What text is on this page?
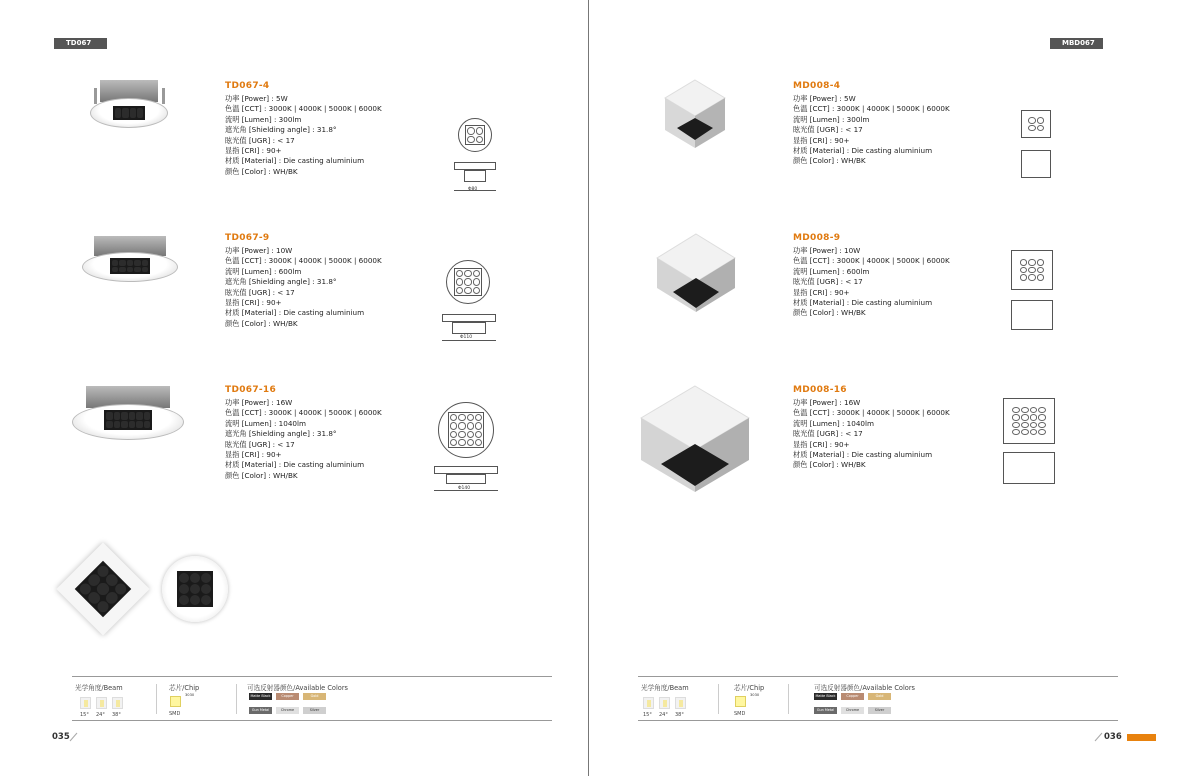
TD067
TD067-4
功率 [Power] : 5W
色温 [CCT] : 3000K | 4000K | 5000K | 6000K
流明 [Lumen] : 300lm
遮光角 [Shielding angle] : 31.8°
眩光值 [UGR] : < 17
显指 [CRI] : 90+
材质 [Material] : Die casting aluminium
颜色 [Color] : WH/BK
TD067-9
功率 [Power] : 10W
色温 [CCT] : 3000K | 4000K | 5000K | 6000K
流明 [Lumen] : 600lm
遮光角 [Shielding angle] : 31.8°
眩光值 [UGR] : < 17
显指 [CRI] : 90+
材质 [Material] : Die casting aluminium
颜色 [Color] : WH/BK
TD067-16
功率 [Power] : 16W
色温 [CCT] : 3000K | 4000K | 5000K | 6000K
流明 [Lumen] : 1040lm
遮光角 [Shielding angle] : 31.8°
眩光值 [UGR] : < 17
显指 [CRI] : 90+
材质 [Material] : Die casting aluminium
颜色 [Color] : WH/BK
Φ80
Φ110
Φ140
光学角度/Beam
15° 24° 38°
芯片/Chip
3030
SMD
可选反射器颜色/Available Colors
Matte Black	Copper	Gold
Gun Metal	Chrome	Silver
035
MBD067
MD008-4
功率 [Power] : 5W
色温 [CCT] : 3000K | 4000K | 5000K | 6000K
流明 [Lumen] : 300lm
眩光值 [UGR] : < 17
显指 [CRI] : 90+
材质 [Material] : Die casting aluminium
颜色 [Color] : WH/BK
MD008-9
功率 [Power] : 10W
色温 [CCT] : 3000K | 4000K | 5000K | 6000K
流明 [Lumen] : 600lm
眩光值 [UGR] : < 17
显指 [CRI] : 90+
材质 [Material] : Die casting aluminium
颜色 [Color] : WH/BK
MD008-16
功率 [Power] : 16W
色温 [CCT] : 3000K | 4000K | 5000K | 6000K
流明 [Lumen] : 1040lm
眩光值 [UGR] : < 17
显指 [CRI] : 90+
材质 [Material] : Die casting aluminium
颜色 [Color] : WH/BK
光学角度/Beam
15° 24° 38°
芯片/Chip
3030
SMD
可选反射器颜色/Available Colors
Matte Black	Copper	Gold
Gun Metal	Chrome	Silver
036
